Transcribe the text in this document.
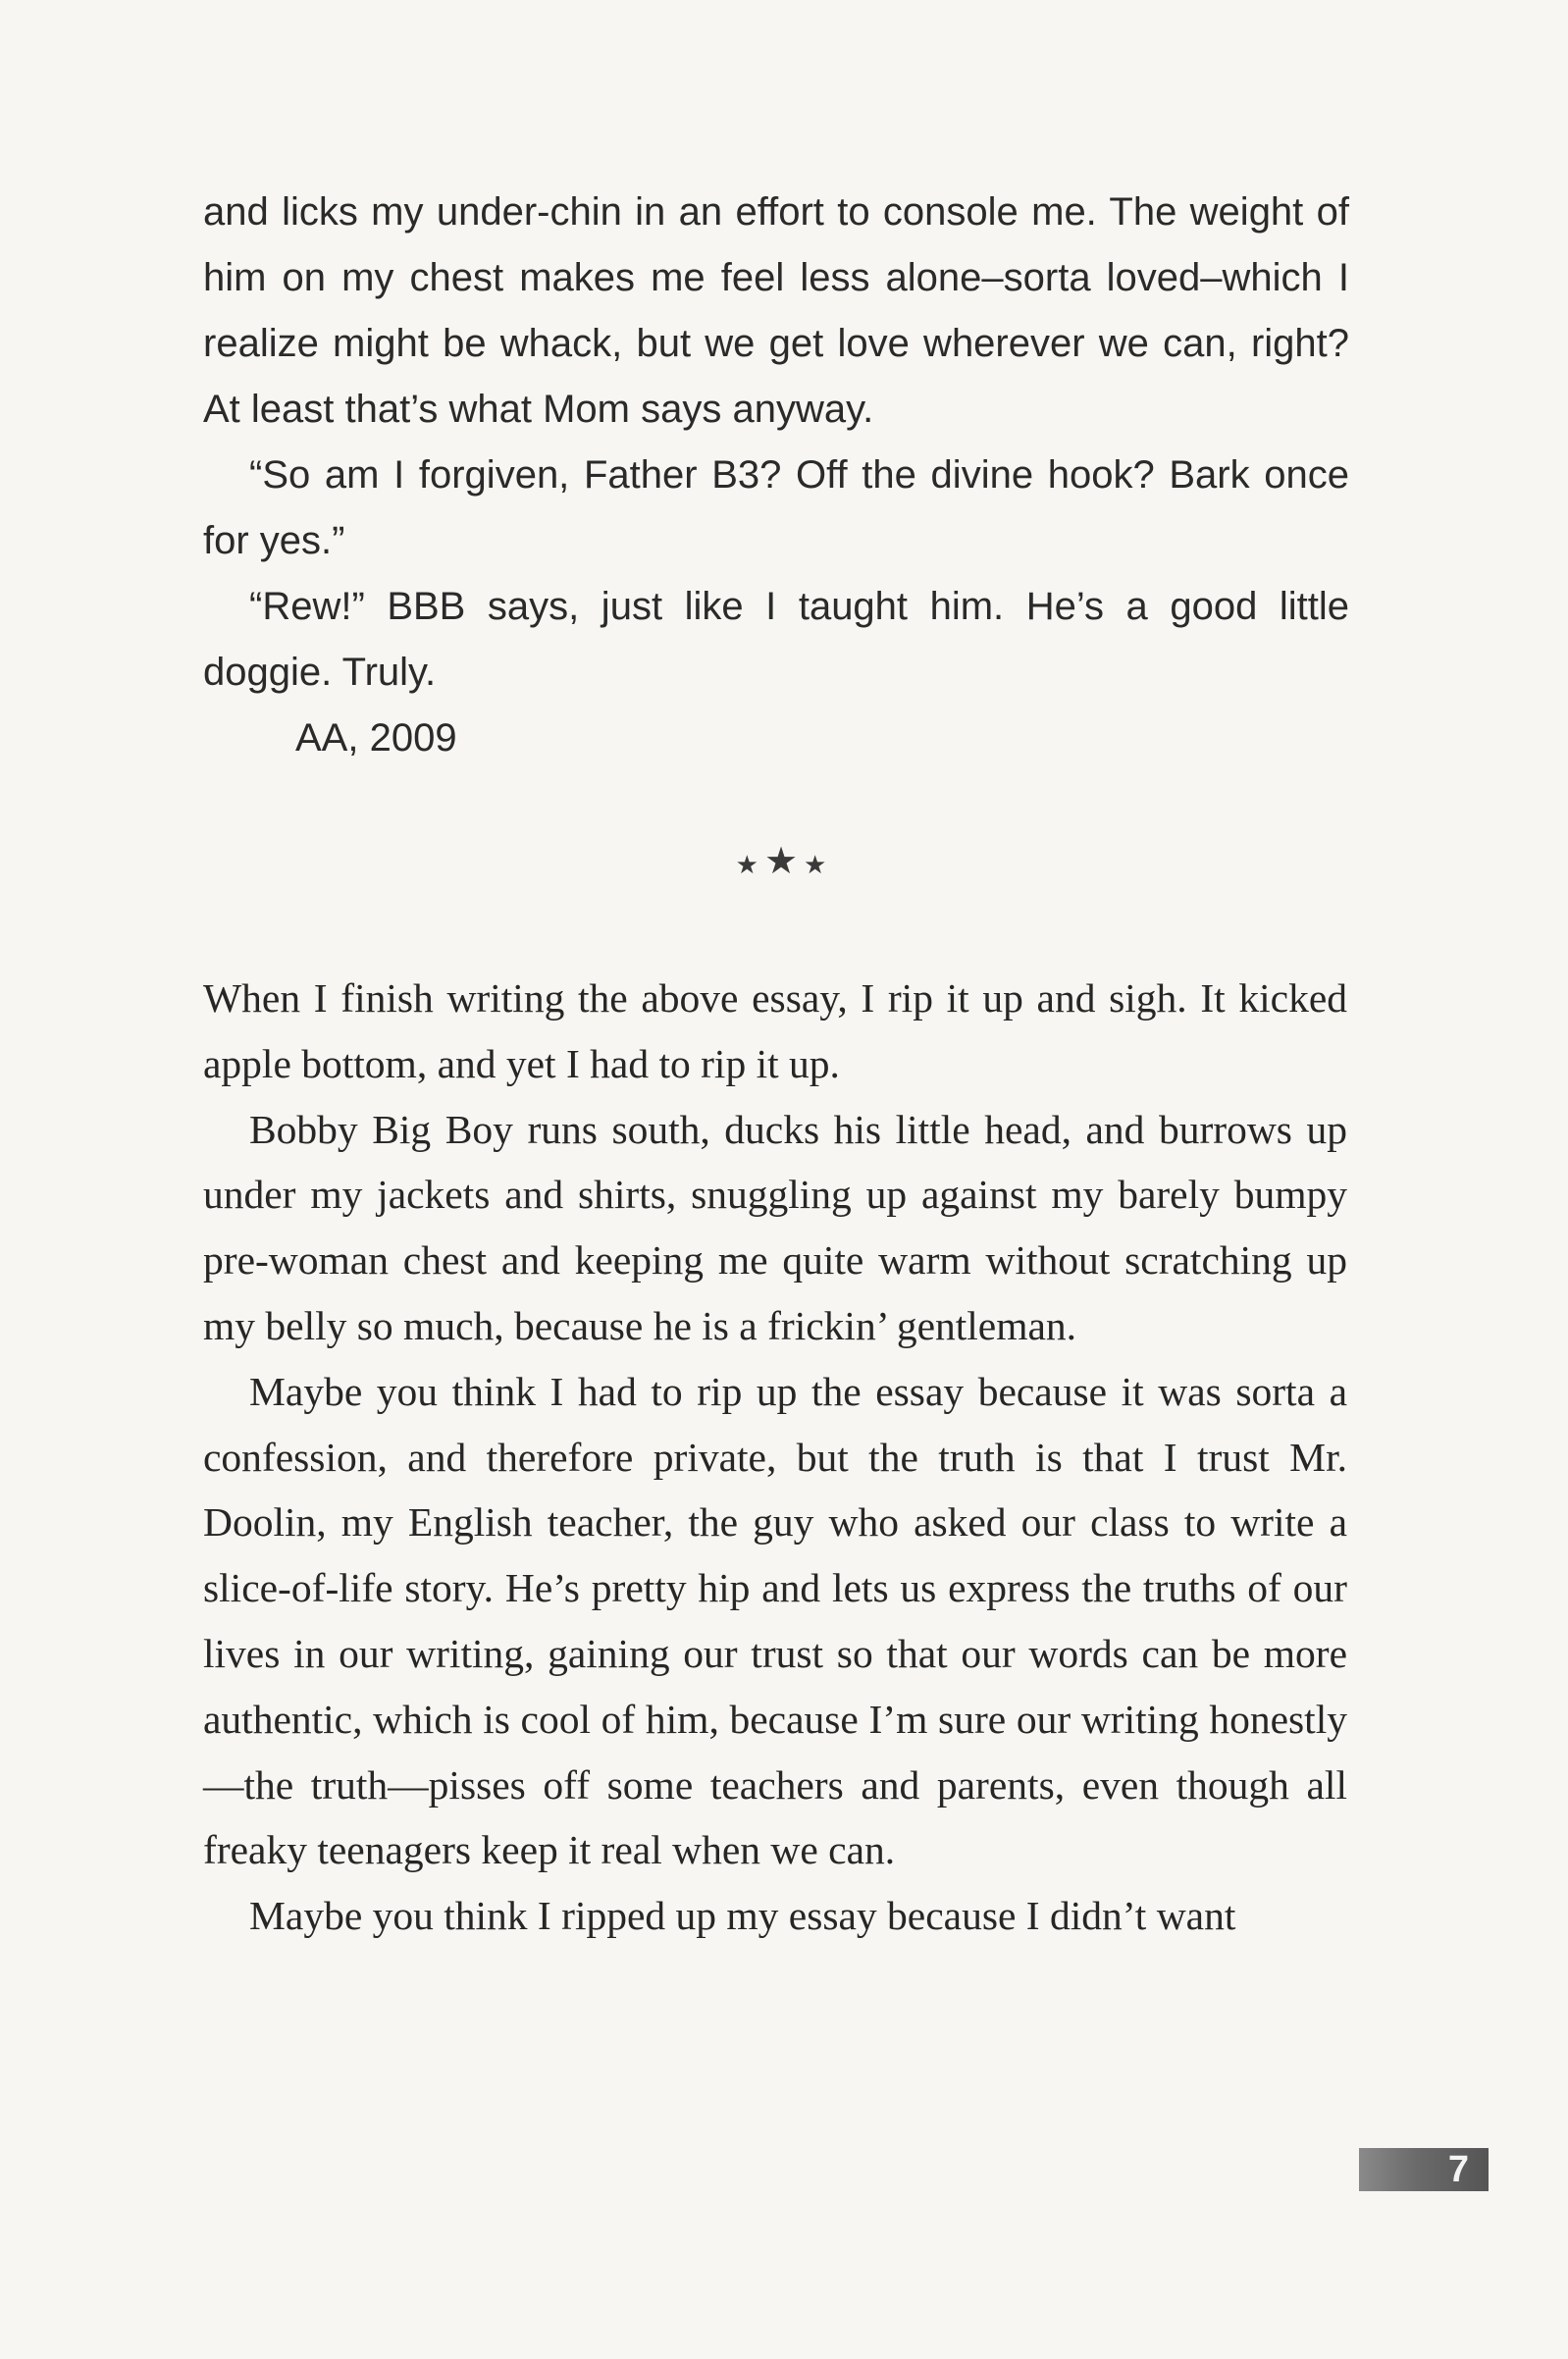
and licks my under-chin in an effort to console me. The weight of him on my chest makes me feel less alone–sorta loved–which I realize might be whack, but we get love wherever we can, right? At least that’s what Mom says anyway.

“So am I forgiven, Father B3? Off the divine hook? Bark once for yes.”

“Rew!” BBB says, just like I taught him. He’s a good little doggie. Truly.

AA, 2009

★★★

When I finish writing the above essay, I rip it up and sigh. It kicked apple bottom, and yet I had to rip it up.

Bobby Big Boy runs south, ducks his little head, and burrows up under my jackets and shirts, snuggling up against my barely bumpy pre-woman chest and keeping me quite warm without scratching up my belly so much, because he is a frickin’ gentleman.

Maybe you think I had to rip up the essay because it was sorta a confession, and therefore private, but the truth is that I trust Mr. Doolin, my English teacher, the guy who asked our class to write a slice-of-life story. He’s pretty hip and lets us express the truths of our lives in our writing, gaining our trust so that our words can be more authentic, which is cool of him, because I’m sure our writing honestly—the truth—pisses off some teachers and parents, even though all freaky teenagers keep it real when we can.

Maybe you think I ripped up my essay because I didn’t want

7
